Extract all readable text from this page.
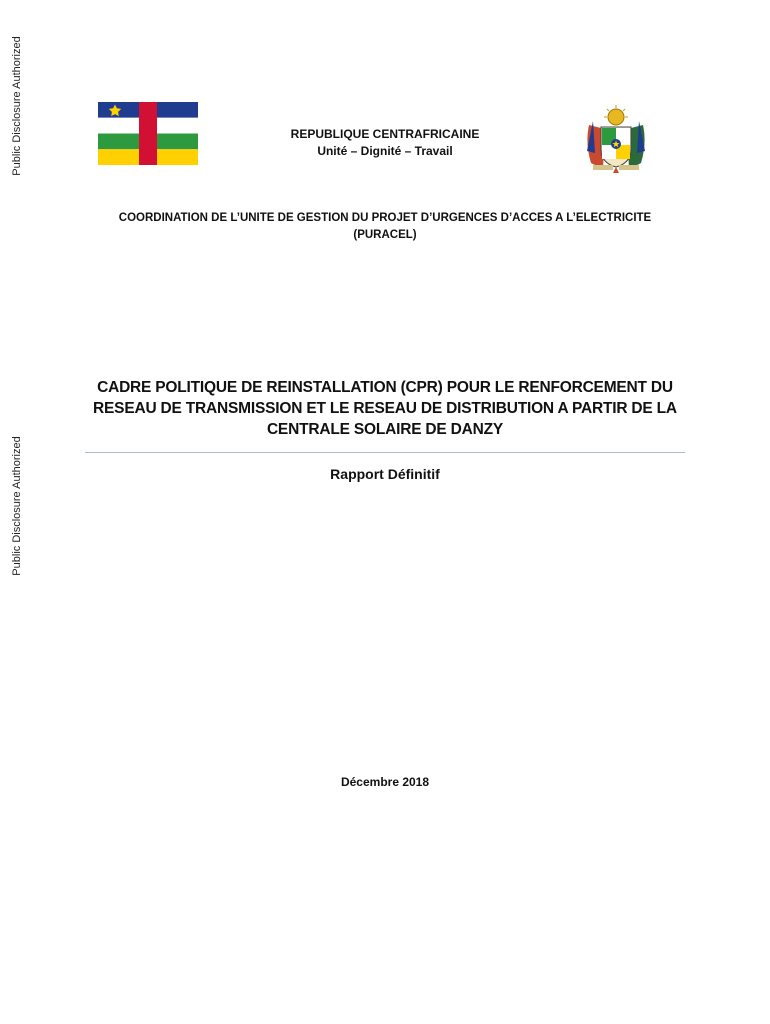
Public Disclosure Authorized
Public Disclosure Authorized
REPUBLIQUE CENTRAFRICAINE
Unité – Dignité – Travail
COORDINATION DE L’UNITE DE GESTION DU PROJET D’URGENCES D’ACCES A L’ELECTRICITE
(PURACEL)
CADRE POLITIQUE DE REINSTALLATION (CPR) POUR LE RENFORCEMENT DU
RESEAU DE TRANSMISSION ET LE RESEAU DE DISTRIBUTION A PARTIR DE LA
CENTRALE SOLAIRE DE DANZY
Rapport Définitif
Décembre 2018
